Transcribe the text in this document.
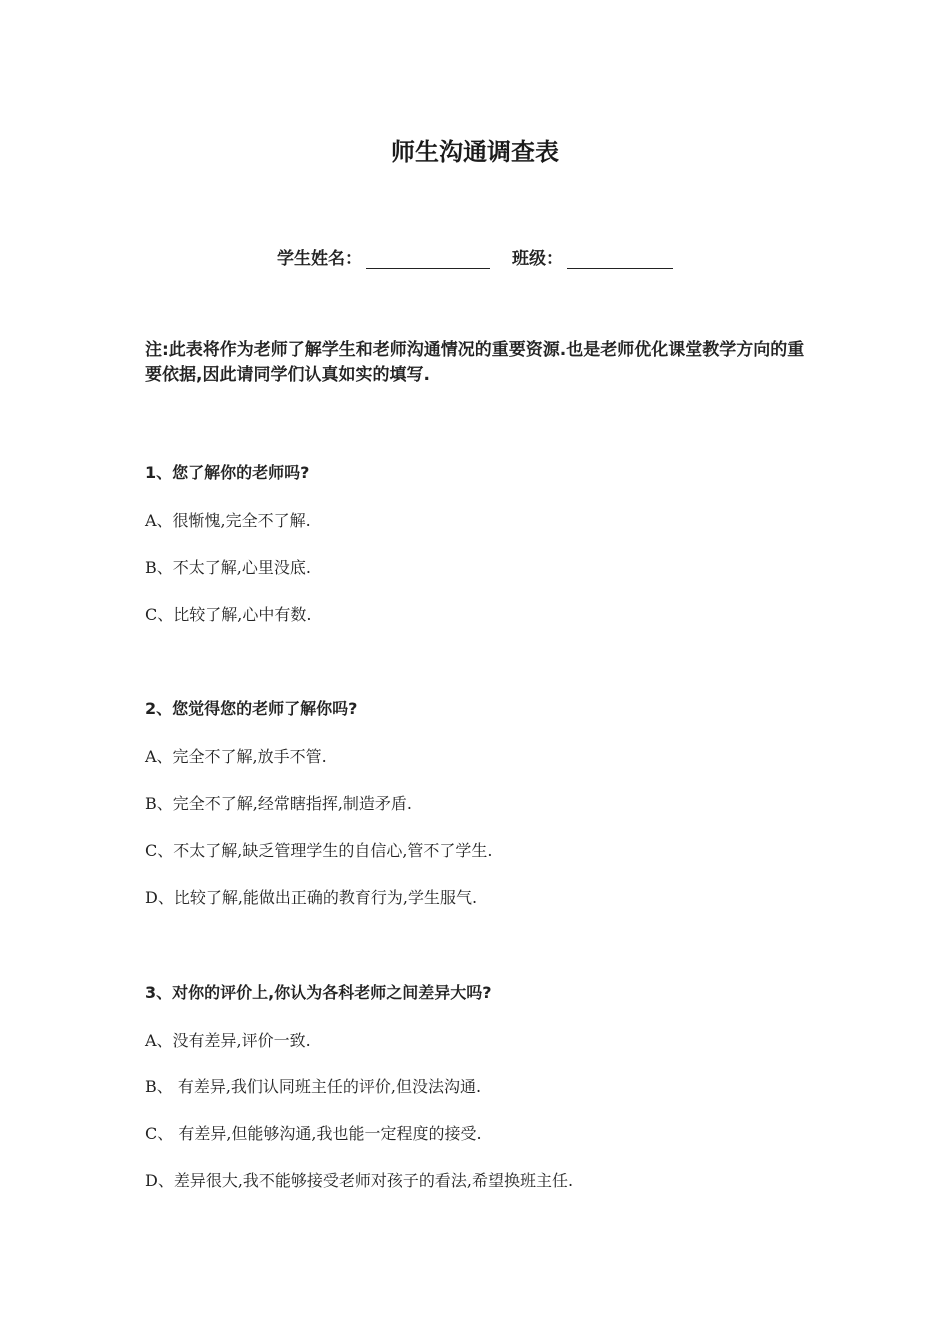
师生沟通调查表
学生姓名：	班级：

注:此表将作为老师了解学生和老师沟通情况的重要资源.也是老师优化课堂教学方向的重要依据,因此请同学们认真如实的填写.

1、您了解你的老师吗?

A、很惭愧,完全不了解.

B、不太了解,心里没底.

C、比较了解,心中有数.

2、您觉得您的老师了解你吗?

A、完全不了解,放手不管.

B、完全不了解,经常瞎指挥,制造矛盾.

C、不太了解,缺乏管理学生的自信心,管不了学生.

D、比较了解,能做出正确的教育行为,学生服气.

3、对你的评价上,你认为各科老师之间差异大吗?

A、没有差异,评价一致.

B、 有差异,我们认同班主任的评价,但没法沟通.

C、 有差异,但能够沟通,我也能一定程度的接受.

D、差异很大,我不能够接受老师对孩子的看法,希望换班主任.
